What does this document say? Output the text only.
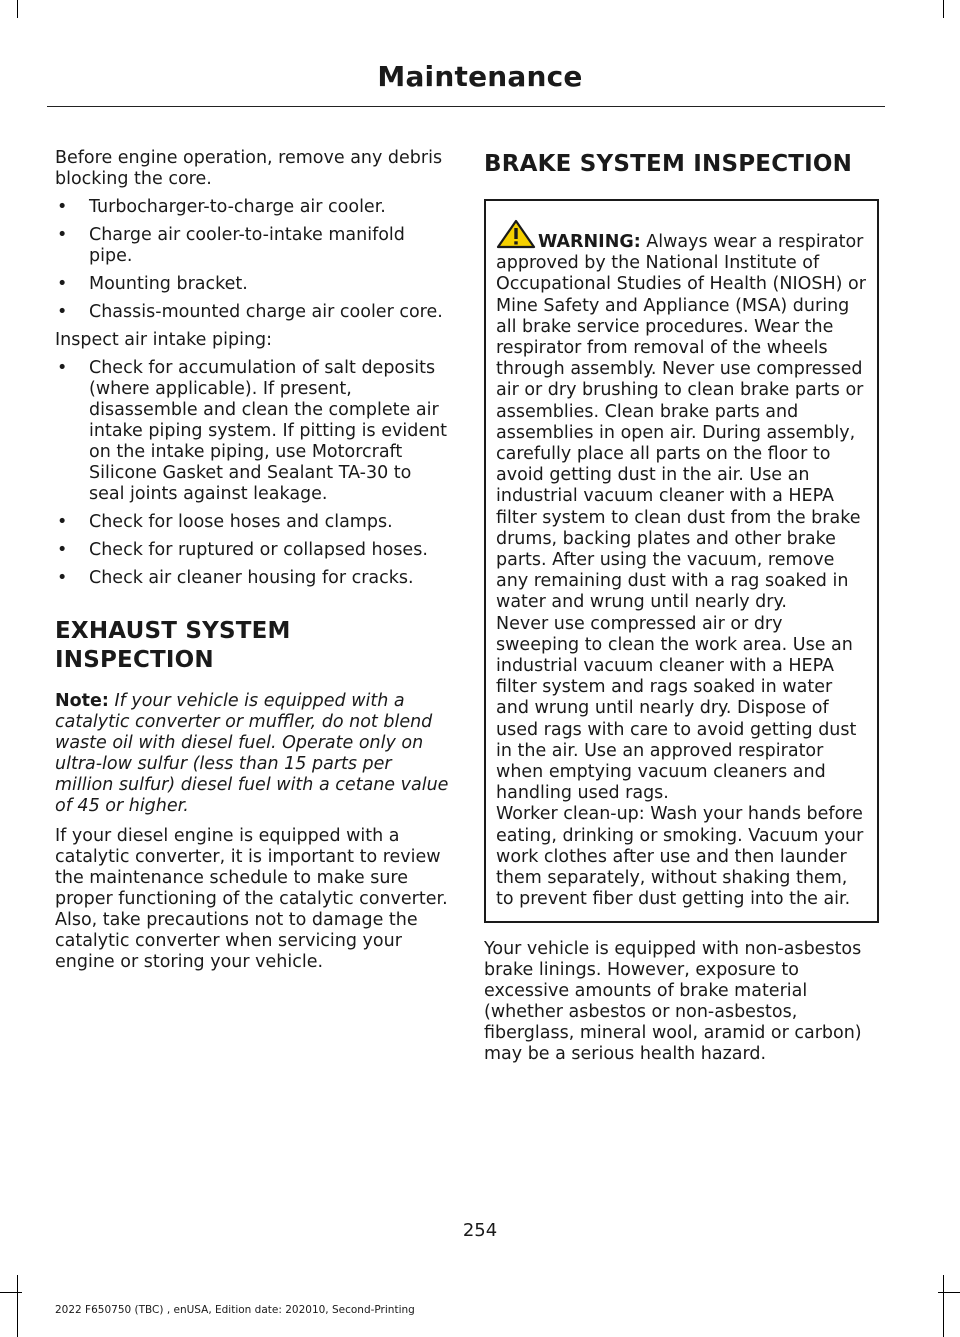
Maintenance

Before engine operation, remove any debris blocking the core.

• Turbocharger-to-charge air cooler.
• Charge air cooler-to-intake manifold pipe.
• Mounting bracket.
• Chassis-mounted charge air cooler core.

Inspect air intake piping:

• Check for accumulation of salt deposits (where applicable). If present, disassemble and clean the complete air intake piping system. If pitting is evident on the intake piping, use Motorcraft Silicone Gasket and Sealant TA-30 to seal joints against leakage.
• Check for loose hoses and clamps.
• Check for ruptured or collapsed hoses.
• Check air cleaner housing for cracks.
EXHAUST SYSTEM
INSPECTION

Note: If your vehicle is equipped with a catalytic converter or muffler, do not blend waste oil with diesel fuel. Operate only on ultra-low sulfur (less than 15 parts per million sulfur) diesel fuel with a cetane value of 45 or higher.

If your diesel engine is equipped with a catalytic converter, it is important to review the maintenance schedule to make sure proper functioning of the catalytic converter. Also, take precautions not to damage the catalytic converter when servicing your engine or storing your vehicle.

BRAKE SYSTEM INSPECTION

WARNING: Always wear a respirator approved by the National Institute of Occupational Studies of Health (NIOSH) or Mine Safety and Appliance (MSA) during all brake service procedures. Wear the respirator from removal of the wheels through assembly. Never use compressed air or dry brushing to clean brake parts or assemblies. Clean brake parts and assemblies in open air. During assembly, carefully place all parts on the floor to avoid getting dust in the air. Use an industrial vacuum cleaner with a HEPA filter system to clean dust from the brake drums, backing plates and other brake parts. After using the vacuum, remove any remaining dust with a rag soaked in water and wrung until nearly dry.

Never use compressed air or dry sweeping to clean the work area. Use an industrial vacuum cleaner with a HEPA filter system and rags soaked in water and wrung until nearly dry. Dispose of used rags with care to avoid getting dust in the air. Use an approved respirator when emptying vacuum cleaners and handling used rags.

Worker clean-up: Wash your hands before eating, drinking or smoking. Vacuum your work clothes after use and then launder them separately, without shaking them, to prevent fiber dust getting into the air.

Your vehicle is equipped with non-asbestos brake linings. However, exposure to excessive amounts of brake material (whether asbestos or non-asbestos, fiberglass, mineral wool, aramid or carbon) may be a serious health hazard.

254
2022 F650750 (TBC) , enUSA, Edition date: 202010, Second-Printing
